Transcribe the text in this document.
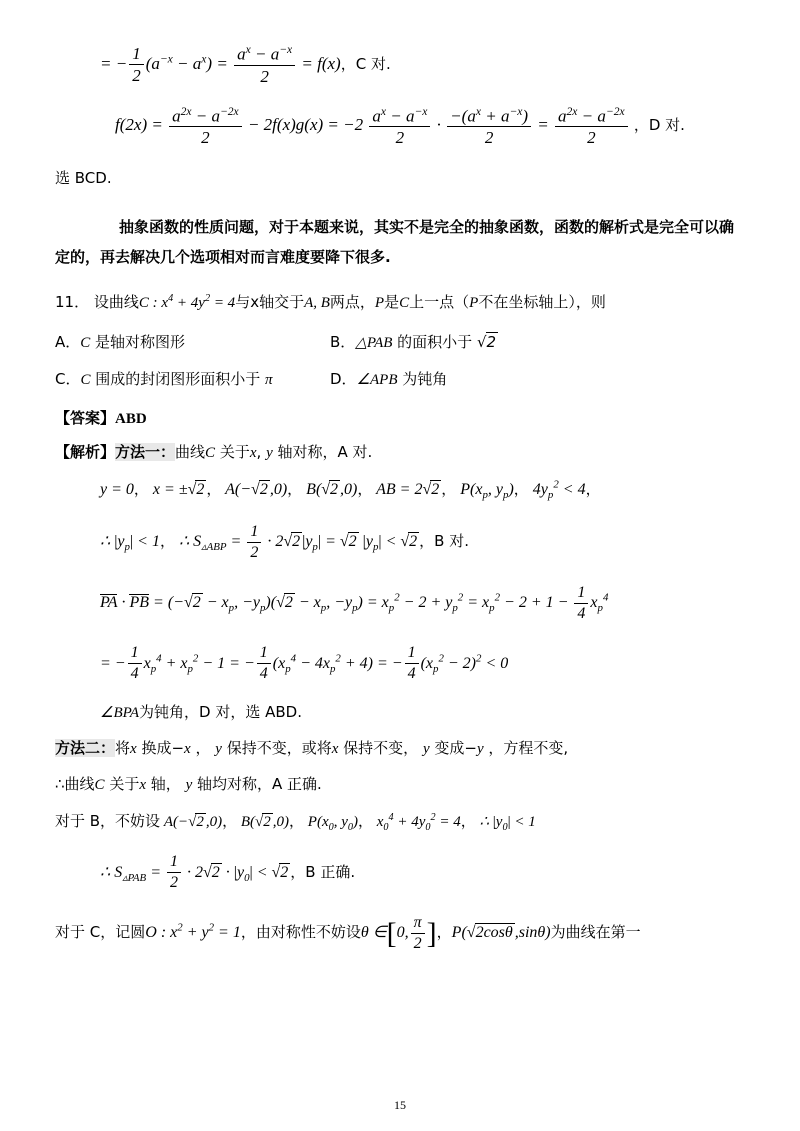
= − $\frac{1}{2} (a^{-x} - a^x) = \frac{a^x - a^{-x}}{2} = f(x)$，C 对.
$f(2x) = \frac{a^{2x} - a^{-2x}}{2} - 2f(x)g(x) = -2 \frac{a^x - a^{-x}}{2} \cdot \frac{-(a^x + a^{-x})}{2} = \frac{a^{2x} - a^{-2x}}{2}$ ，D 对.
选 BCD.
抽象函数的性质问题，对于本题来说，其实不是完全的抽象函数，函数的解析式是完全可以确定的，再去解决几个选项相对而言难度要降下很多.
11． 设曲线C : $x^4 + 4y^2 = 4$与x轴交于A, B两点，P是C上一点（P不在坐标轴上），则
A．C 是轴对称图形	B．△PAB 的面积小于 √2
C．C 围成的封闭图形面积小于 π	D．∠APB 为钝角
【答案】ABD
【解析】方法一：曲线C 关于x, y 轴对称，A 对.
y = 0， x = ±√2 ， A(−√2 ,0)， B(√2 ,0)， AB = 2√2 ， $P(x_p$, $y_p$)， $4y_p^2 < 4$，
∴ $|y_p| < 1$， ∴ $S_{▵ABP} = \frac{1}{2} \cdot 2√2$ $|y_p| = √2$ $|y_p| < √2$ ，B 对.
PA · PB = ($-√2 - x_p$, $-y_p)(√2 - x_p$, $-y_p) = x_p^2 - 2 + y_p^2 = x_p^2 - 2 + 1 - \frac{1}{4} x_p^4$
= − $\frac{1}{4} x_p^4 + x_p^2 - 1$ = − $\frac{1}{4} (x_p^4 - 4x_p^2 + 4)$ = − $\frac{1}{4} (x_p^2 - 2)^2 < 0$
∠BPA为钝角，D 对，选 ABD.
方法二：将x 换成−x ， y 保持不变，或将x 保持不变， y 变成−y ，方程不变,
∴曲线C 关于x 轴， y 轴均对称，A 正确.
对于 B，不妨设 A(−√2 ,0)， B(√2 ,0)， $P(x_0$, $y_0$)， $x_0^4 + 4y_0^2 = 4$， ∴ $|y_0| < 1$
∴ $S_{▵PAB} = \frac{1}{2} \cdot 2√2 \cdot |y_0| < √2$ ，B 正确.
对于 C，记圆O : $x^2 + y^2 = 1$，由对称性不妨设θ ∈[0, $\frac{\pi}{2}$ ]，P(√2cosθ ,sinθ)为曲线在第一
15
